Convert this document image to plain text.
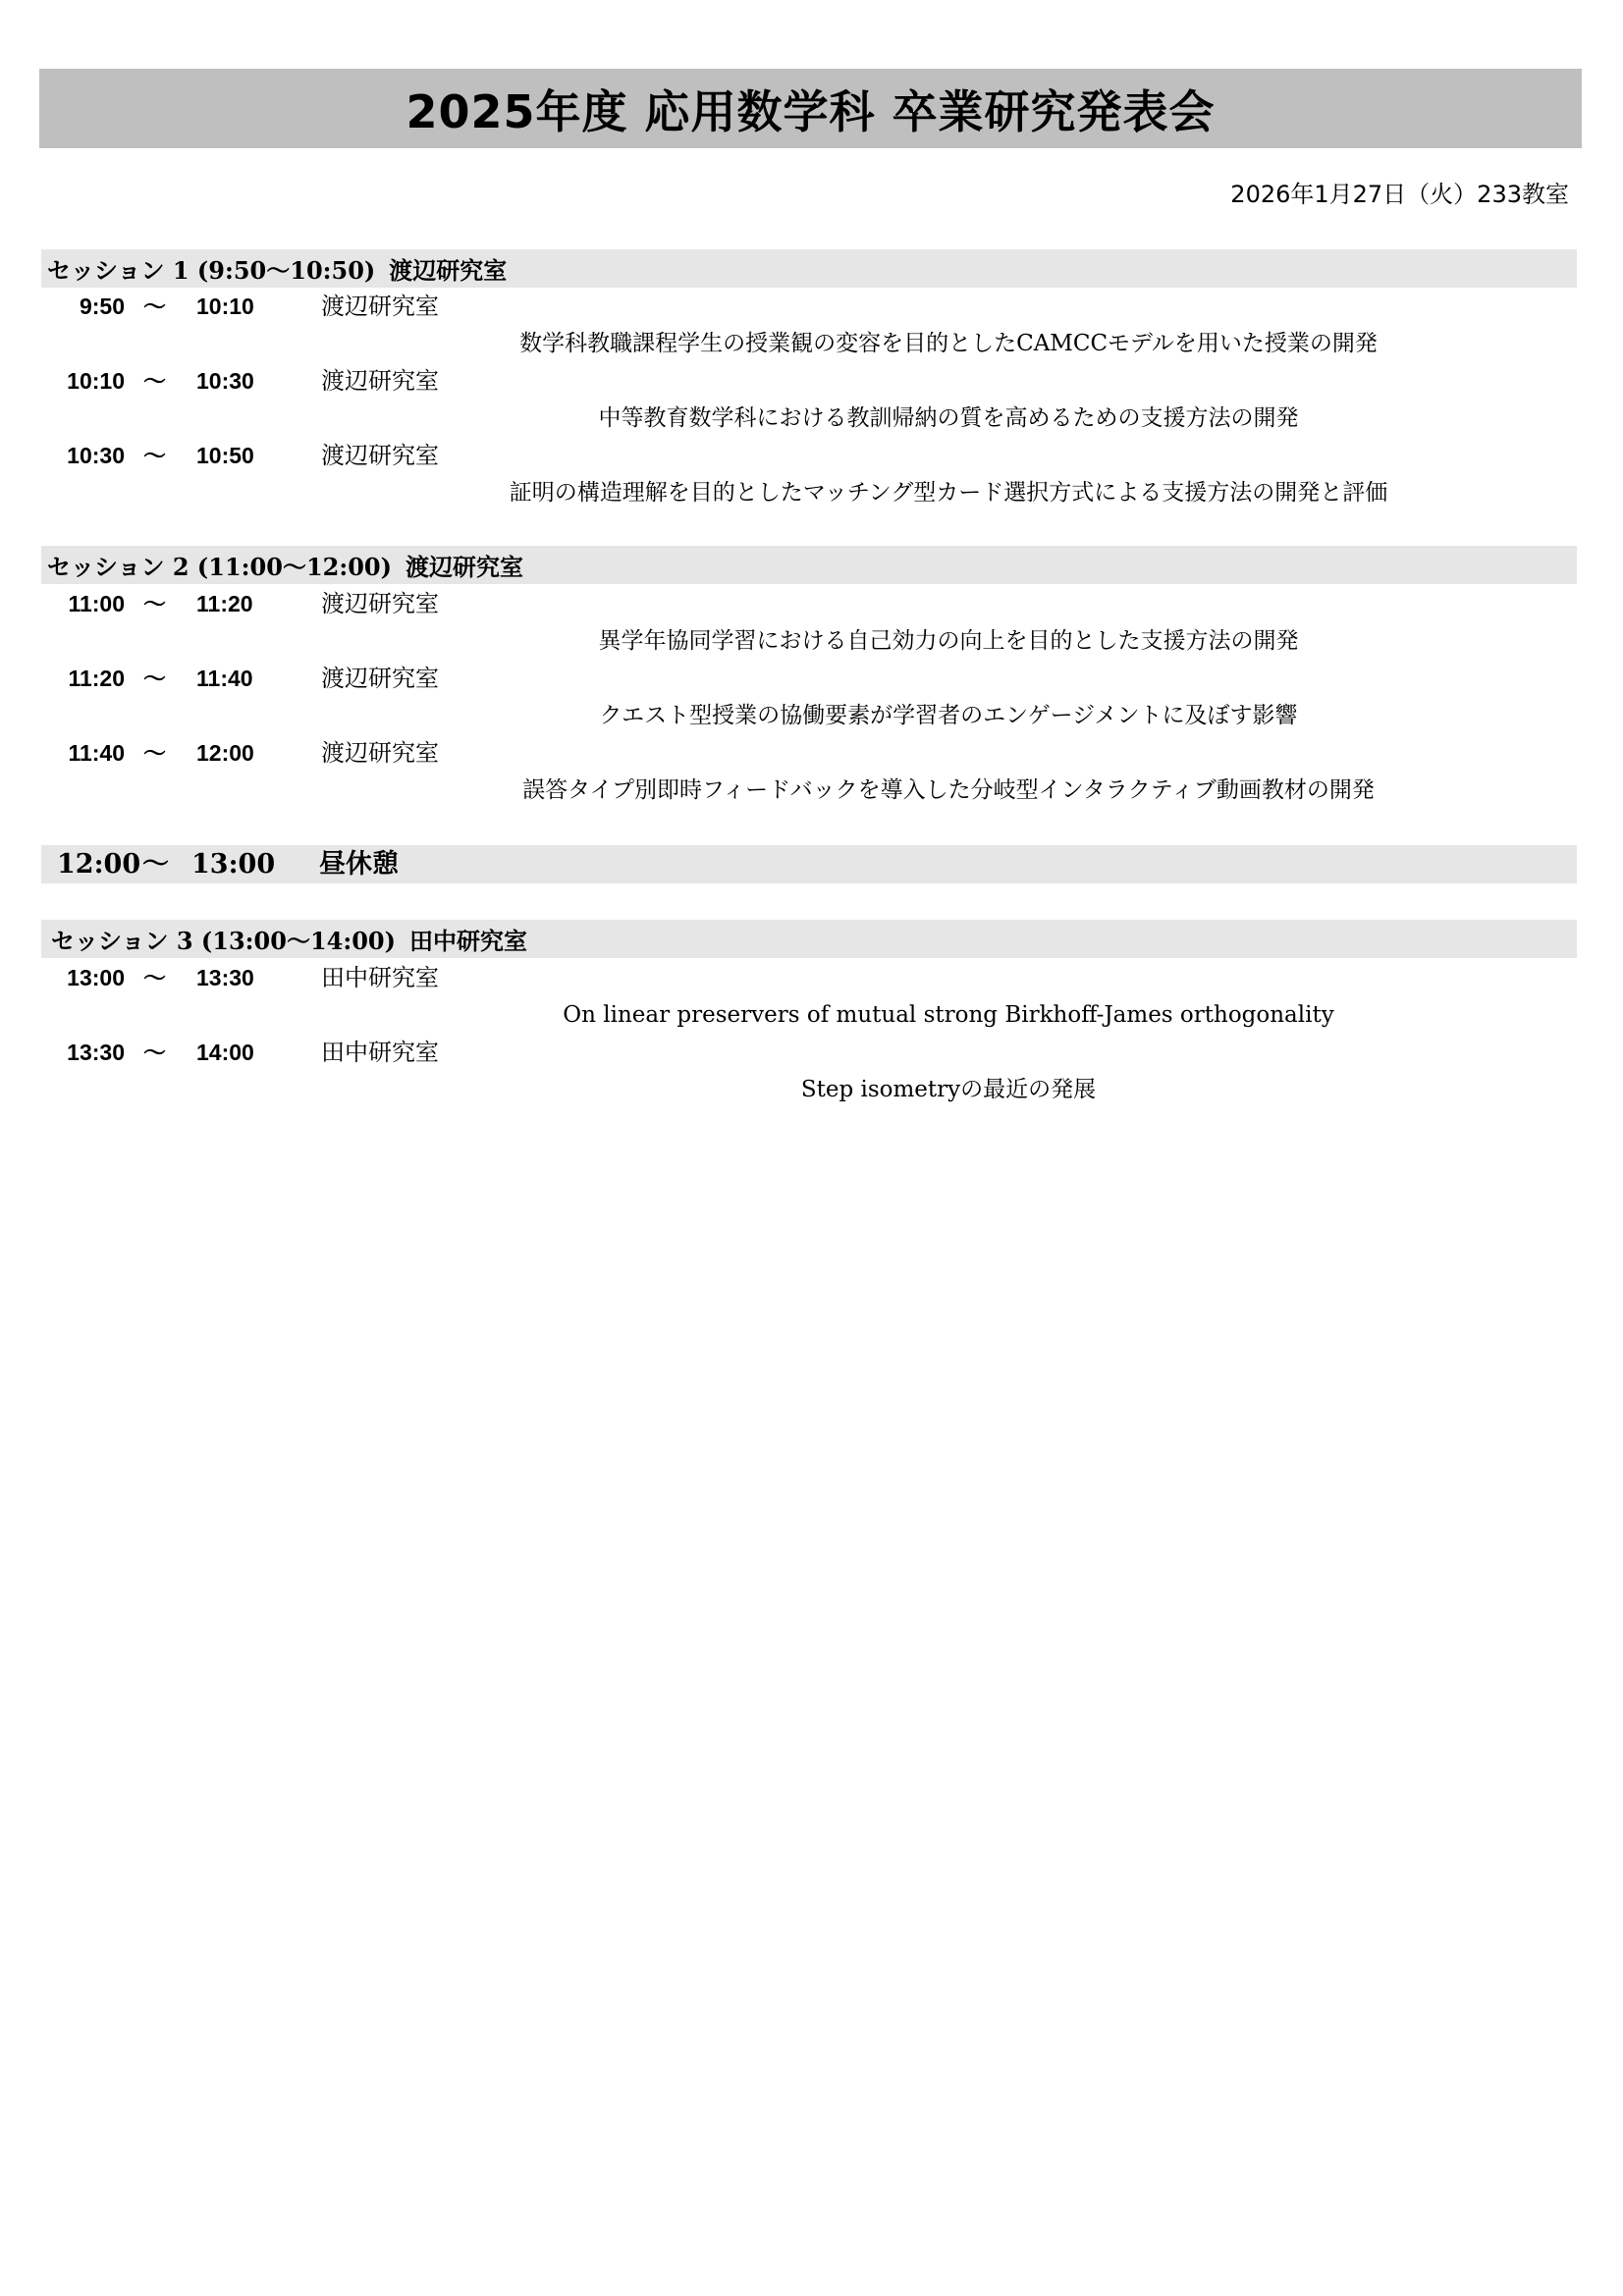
2025年度 応用数学科 卒業研究発表会
2026年1月27日（火）233教室
セッション 1 (9:50〜10:50) 渡辺研究室
9:50 〜 10:10	渡辺研究室
数学科教職課程学生の授業観の変容を目的としたCAMCCモデルを用いた授業の開発
10:10 〜 10:30	渡辺研究室
中等教育数学科における教訓帰納の質を高めるための支援方法の開発
10:30 〜 10:50	渡辺研究室
証明の構造理解を目的としたマッチング型カード選択方式による支援方法の開発と評価
セッション 2 (11:00〜12:00) 渡辺研究室
11:00 〜 11:20	渡辺研究室
異学年協同学習における自己効力の向上を目的とした支援方法の開発
11:20 〜 11:40	渡辺研究室
クエスト型授業の協働要素が学習者のエンゲージメントに及ぼす影響
11:40 〜 12:00	渡辺研究室
誤答タイプ別即時フィードバックを導入した分岐型インタラクティブ動画教材の開発
12:00 〜 13:00 昼休憩
セッション 3 (13:00〜14:00) 田中研究室
13:00 〜 13:30	田中研究室
On linear preservers of mutual strong Birkhoff-James orthogonality
13:30 〜 14:00	田中研究室
Step isometryの最近の発展
